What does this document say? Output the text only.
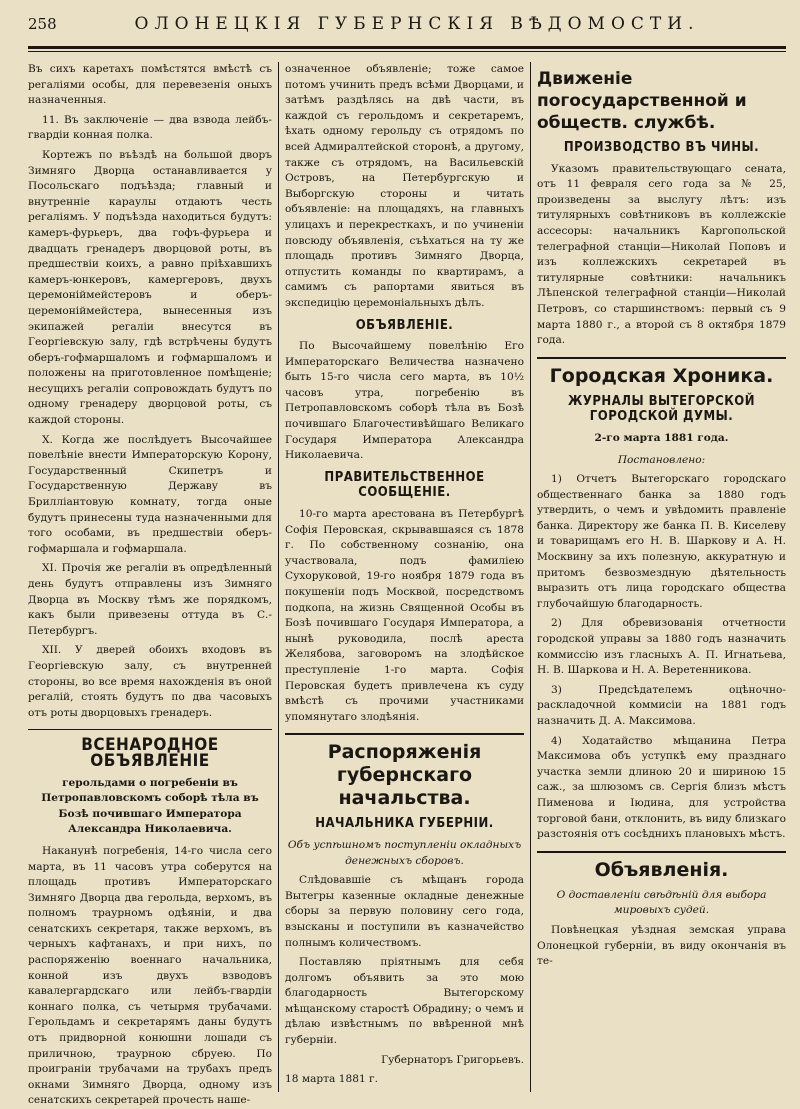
258	ОЛОНЕЦКІЯ ГУБЕРНСКІЯ ВѢДОМОСТИ.

Въ сихъ каретахъ помѣстятся вмѣстѣ съ регаліями особы, для перевезенія оныхъ назначенныя.

11. Въ заключеніе — два взвода лейбъ-гвардіи конная полка.

Кортежъ по въѣздѣ на большой дворъ Зимняго Дворца останавливается у Посольскаго подъѣзда; главный и внутренніе караулы отдаютъ честь регаліямъ. У подъѣзда находиться будутъ: камеръ-фурьеръ, два гофъ-фурьера и двадцать гренадеръ дворцовой роты, въ предшествіи коихъ, а равно пріѣхавшихъ камеръ-юнкеровъ, камергеровъ, двухъ церемоніймейстеровъ и оберъ-церемоніймейстера, вынесенныя изъ экипажей регаліи внесутся въ Георгіевскую залу, гдѣ встрѣчены будутъ оберъ-гофмаршаломъ и гофмаршаломъ и положены на приготовленное помѣщеніе; несущихъ регаліи сопровождать будутъ по одному гренадеру дворцовой роты, съ каждой стороны.

X. Когда же послѣдуетъ Высочайшее повелѣніе внести Императорскую Корону, Государственный Скипетръ и Государственную Державу въ Брилліантовую комнату, тогда оные будутъ принесены туда назначенными для того особами, въ предшествіи оберъ-гофмаршала и гофмаршала.

XI. Прочія же регаліи въ опредѣленный день будутъ отправлены изъ Зимняго Дворца въ Москву тѣмъ же порядкомъ, какъ были привезены оттуда въ С.-Петербургъ.

XII. У дверей обоихъ входовъ въ Георгіевскую залу, съ внутренней стороны, во все время нахожденія въ оной регалій, стоять будутъ по два часовыхъ отъ роты дворцовыхъ гренадеръ.

ВСЕНАРОДНОЕ ОБЪЯВЛЕНІЕ
герольдами о погребеніи въ Петропавловскомъ соборѣ тѣла въ Бозѣ почившаго Императора Александра Николаевича.

Наканунѣ погребенія, 14-го числа сего марта, въ 11 часовъ утра соберутся на площадь противъ Императорскаго Зимняго Дворца два герольда, верхомъ, въ полномъ траурномъ одѣяніи, и два сенатскихъ секретаря, также верхомъ, въ черныхъ кафтанахъ, и при нихъ, по распоряженію военнаго начальника, конной изъ двухъ взводовъ кавалергардскаго или лейбъ-гвардіи коннаго полка, съ четырмя трубачами. Герольдамъ и секретарямъ даны будутъ отъ придворной конюшни лошади съ приличною, траурною сбруею. По проиграніи трубачами на трубахъ предъ окнами Зимняго Дворца, одному изъ сенатскихъ секретарей прочесть наше-

означенное объявленіе; тоже самое потомъ учинить предъ всѣми Дворцами, и затѣмъ раздѣлясь на двѣ части, въ каждой съ герольдомъ и секретаремъ, ѣхать одному герольду съ отрядомъ по всей Адмиралтейской сторонѣ, а другому, также съ отрядомъ, на Васильевскій Островъ, на Петербургскую и Выборгскую стороны и читать объявленіе: на площадяхъ, на главныхъ улицахъ и перекресткахъ, и по учиненіи повсюду объявленія, съѣхаться на ту же площадь противъ Зимняго Дворца, отпустить команды по квартирамъ, а самимъ съ рапортами явиться въ экспедицію церемоніальныхъ дѣлъ.

ОБЪЯВЛЕНІЕ.

По Высочайшему повелѣнію Его Императорскаго Величества назначено быть 15-го числа сего марта, въ 10½ часовъ утра, погребенію въ Петропавловскомъ соборѣ тѣла въ Бозѣ почившаго Благочестивѣйшаго Великаго Государя Императора Александра Николаевича.

ПРАВИТЕЛЬСТВЕННОЕ СООБЩЕНІЕ.

10-го марта арестована въ Петербургѣ Софія Перовская, скрывавшаяся съ 1878 г. По собственному сознанію, она участвовала, подъ фамиліею Сухоруковой, 19-го ноября 1879 года въ покушеніи подъ Москвой, посредствомъ подкопа, на жизнь Священной Особы въ Бозѣ почившаго Государя Императора, а нынѣ руководила, послѣ ареста Желябова, заговоромъ на злодѣйское преступленіе 1-го марта. Софія Перовская будетъ привлечена къ суду вмѣстѣ съ прочими участниками упомянутаго злодѣянія.

Распоряженія губернскаго начальства.
НАЧАЛЬНИКА ГУБЕРНІИ.
Объ успѣшномъ поступленіи окладныхъ денежныхъ сборовъ.

Слѣдовавшіе съ мѣщанъ города Вытегры казенные окладные денежные сборы за первую половину сего года, взысканы и поступили въ казначейство полнымъ количествомъ.

Поставляю пріятнымъ для себя долгомъ объявить за это мою благодарность Вытегорскому мѣщанскому старостѣ Обрадину; о чемъ и дѣлаю извѣстнымъ по ввѣренной мнѣ губерніи.

Губернаторъ Григорьевъ.
18 марта 1881 г.
Движеніе погосударственной и обществ. службѣ.
ПРОИЗВОДСТВО ВЪ ЧИНЫ.

Указомъ правительствующаго сената, отъ 11 февраля сего года за № 25, произведены за выслугу лѣтъ: изъ титулярныхъ совѣтниковъ въ коллежскіе ассесоры: начальникъ Каргопольской телеграфной станціи—Николай Поповъ и изъ коллежскихъ секретарей въ титулярные совѣтники: начальникъ Лѣпенской телеграфной станціи—Николай Петровъ, со старшинствомъ: первый съ 9 марта 1880 г., а второй съ 8 октября 1879 года.

Городская Хроника.
ЖУРНАЛЫ ВЫТЕГОРСКОЙ ГОРОДСКОЙ ДУМЫ.
2-го марта 1881 года.
Постановлено:

1) Отчетъ Вытегорскаго городскаго общественнаго банка за 1880 годъ утвердить, о чемъ и увѣдомить правленіе банка. Директору же банка П. В. Киселеву и товарищамъ его Н. В. Шаркову и А. Н. Москвину за ихъ полезную, аккуратную и притомъ безвозмездную дѣятельность выразить отъ лица городскаго общества глубочайшую благодарность.

2) Для обревизованія отчетности городской управы за 1880 годъ назначить коммиссію изъ гласныхъ А. П. Игнатьева, Н. В. Шаркова и Н. А. Веретенникова.

3) Предсѣдателемъ оцѣночно-раскладочной коммисіи на 1881 годъ назначить Д. А. Максимова.

4) Ходатайство мѣщанина Петра Максимова объ уступкѣ ему празднаго участка земли длиною 20 и шириною 15 саж., за шлюзомъ св. Сергія близъ мѣстъ Пименова и Іюдина, для устройства торговой бани, отклонить, въ виду близкаго разстоянія отъ сосѣднихъ плановыхъ мѣстъ.

Объявленія.
О доставленіи свѣдѣній для выбора мировыхъ судей.

Повѣнецкая уѣздная земская управа Олонецкой губерніи, въ виду окончанія въ те-
